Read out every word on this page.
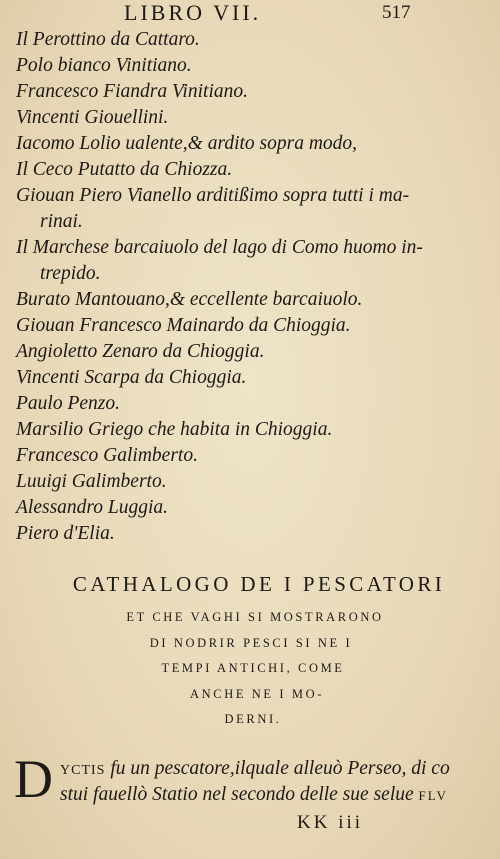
LIBRO VII.	517
Il Perottino da Cattaro.
Polo bianco Vinitiano.
Francesco Fiandra Vinitiano.
Vincenti Giouellini.
Iacomo Lolio ualente,& ardito sopra modo,
Il Ceco Putatto da Chiozza.
Giouan Piero Vianello arditißimo sopra tutti i ma-
rinai.
Il Marchese barcaiuolo del lago di Como huomo in-
trepido.
Burato Mantouano,& eccellente barcaiuolo.
Giouan Francesco Mainardo da Chioggia.
Angioletto Zenaro da Chioggia.
Vincenti Scarpa da Chioggia.
Paulo Penzo.
Marsilio Griego che habita in Chioggia.
Francesco Galimberto.
Luuigi Galimberto.
Alessandro Luggia.
Piero d'Elia.
CATHALOGO DE I PESCATORI
ET CHE VAGHI SI MOSTRARONO
DI NODRIR PESCI SI NE I
TEMPI ANTICHI, COME
ANCHE NE I MO-
DERNI.
D yctis fu un pescatore,ilquale alleuò Perseo, di co
stui fauellò Statio nel secondo delle sue selue FLV
KK iii
